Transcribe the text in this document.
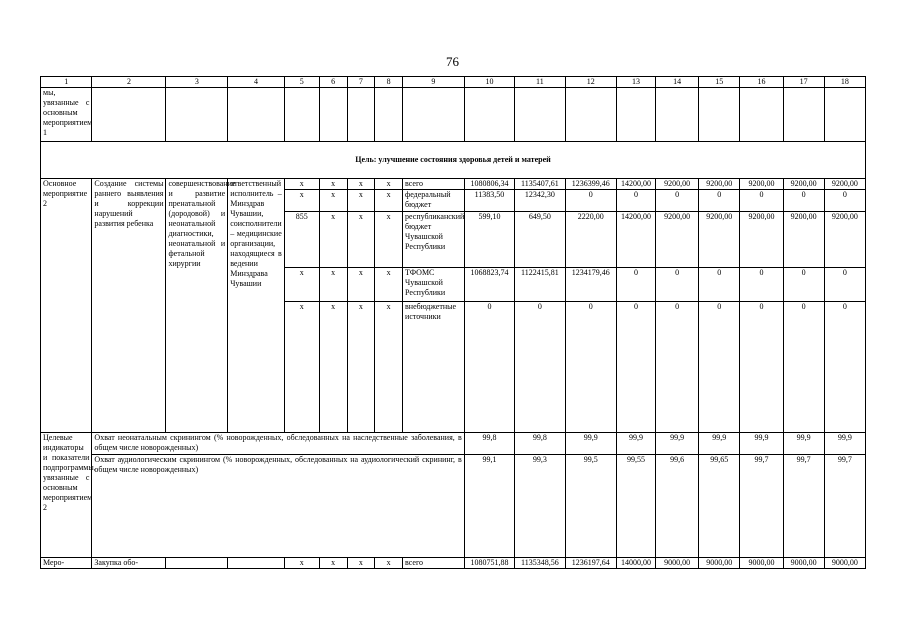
76
1	2	3	4	5	6	7	8	9	10	11	12	13	14	15	16	17	18
мы, увязанные с основным мероприятием 1																	
Цель: улучшение состояния здоровья детей и матерей																	
Основное мероприятие 2	Создание системы раннего выявления и коррекции нарушений развития ребенка	совершенствование и развитие пренатальной (дородовой) и неонатальной диагностики, неонатальной и фетальной хирургии	ответственный исполнитель – Минздрав Чувашии, соисполнители – медицинские организации, находящиеся в ведении Минздрава Чувашии	x	x	x	x	всего	1080806,34	1135407,61	1236399,46	14200,00	9200,00	9200,00	9200,00	9200,00	9200,00
				x	x	x	x	федеральный бюджет	11383,50	12342,30	0	0	0	0	0	0	0
				855	x	x	x	республиканский бюджет Чувашской Республики	599,10	649,50	2220,00	14200,00	9200,00	9200,00	9200,00	9200,00	9200,00
				x	x	x	x	ТФОМС Чувашской Республики	1068823,74	1122415,81	1234179,46	0	0	0	0	0	0
				x	x	x	x	внебюджетные источники	0	0	0	0	0	0	0	0	0
Целевые индикаторы и показатели подпрограммы, увязанные с основным мероприятием 2	Охват неонатальным скринингом (% новорожденных, обследованных на наследственные заболевания, в общем числе новорожденных)								99,8	99,8	99,9	99,9	99,9	99,9	99,9	99,9	99,9
	Охват аудиологическим скринингом (% новорожденных, обследованных на аудиологический скрининг, в общем числе новорожденных)								99,1	99,3	99,5	99,55	99,6	99,65	99,7	99,7	99,7
Меро-	Закупка обо-			x	x	x	x	всего	1080751,88	1135348,56	1236197,64	14000,00	9000,00	9000,00	9000,00	9000,00	9000,00
